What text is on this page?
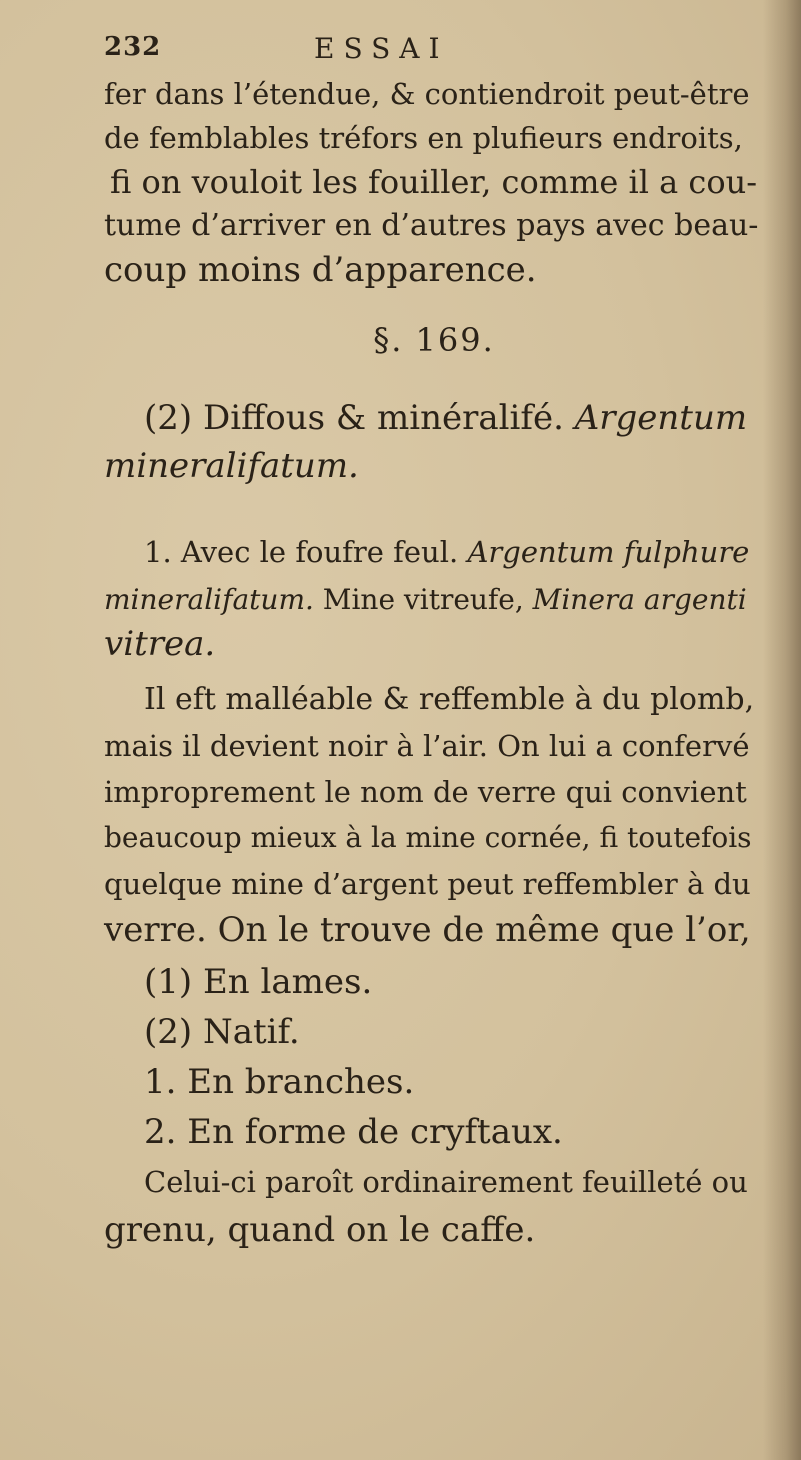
232	ESSAI
fer dans l’étendue, & contiendroit peut-être
de femblables tréfors en plufieurs endroits,
fi on vouloit les fouiller, comme il a cou-
tume d’arriver en d’autres pays avec beau-
coup moins d’apparence.
§. 169.
(2) Diffous & minéralifé. Argentum
mineralifatum.
1. Avec le foufre feul. Argentum fulphure
mineralifatum. Mine vitreufe, Minera argenti
vitrea.
Il eft malléable & reffemble à du plomb,
mais il devient noir à l’air. On lui a confervé
improprement le nom de verre qui convient
beaucoup mieux à la mine cornée, fi toutefois
quelque mine d’argent peut reffembler à du
verre. On le trouve de même que l’or,
(1) En lames.
(2) Natif.
1. En branches.
2. En forme de cryftaux.
Celui-ci paroît ordinairement feuilleté ou
grenu, quand on le caffe.
